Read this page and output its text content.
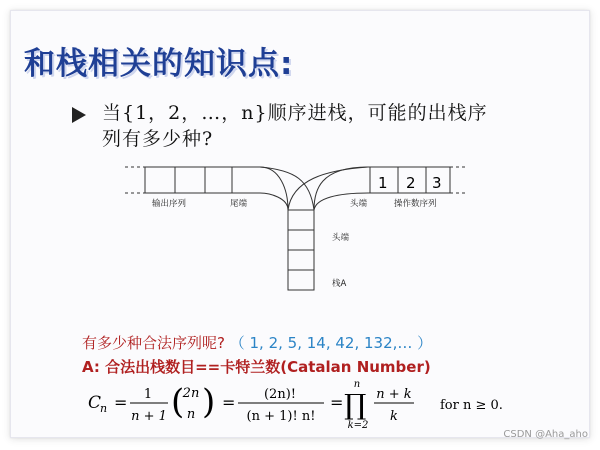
和栈相关的知识点:
当{1，2，…，n}顺序进栈，可能的出栈序
列有多少种?
1 2 3
输出序列	尾端	头端	操作数序列
头端
栈A
有多少种合法序列呢? （ 1, 2, 5, 14, 42, 132,… ）
A: 合法出栈数目==卡特兰数(Catalan Number)
C
n = 1
n + 1 (
2n
n ) = (2n)!
(n + 1)! n!
=
n
∏
k=2
n + k
k
for n ≥ 0.
CSDN @Aha_aho
